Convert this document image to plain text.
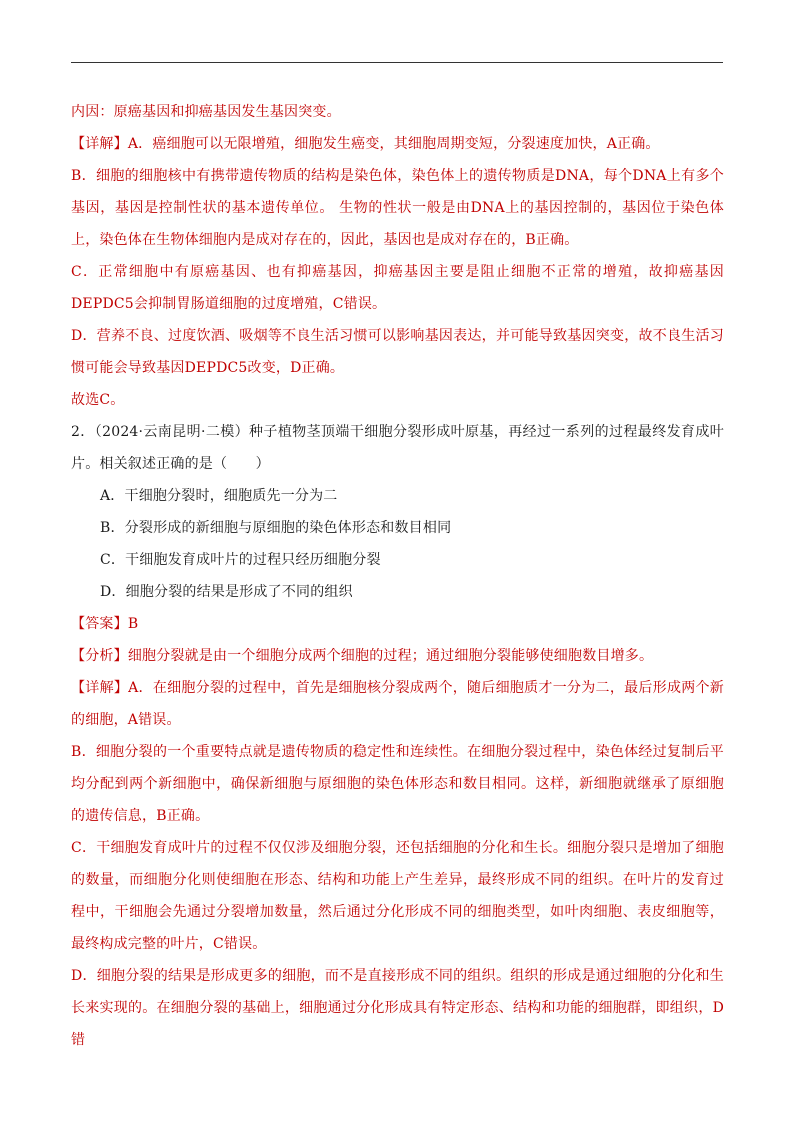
内因：原癌基因和抑癌基因发生基因突变。

【详解】A．癌细胞可以无限增殖，细胞发生癌变，其细胞周期变短，分裂速度加快，A正确。

B．细胞的细胞核中有携带遗传物质的结构是染色体，染色体上的遗传物质是DNA，每个DNA上有多个基因，基因是控制性状的基本遗传单位。 生物的性状一般是由DNA上的基因控制的，基因位于染色体上，染色体在生物体细胞内是成对存在的，因此，基因也是成对存在的，B正确。

C．正常细胞中有原癌基因、也有抑癌基因，抑癌基因主要是阻止细胞不正常的增殖，故抑癌基因DEPDC5会抑制胃肠道细胞的过度增殖，C错误。

D．营养不良、过度饮酒、吸烟等不良生活习惯可以影响基因表达，并可能导致基因突变，故不良生活习惯可能会导致基因DEPDC5改变，D正确。

故选C。

2．（2024·云南昆明·二模）种子植物茎顶端干细胞分裂形成叶原基，再经过一系列的过程最终发育成叶片。相关叙述正确的是（　　）

A．干细胞分裂时，细胞质先一分为二

B．分裂形成的新细胞与原细胞的染色体形态和数目相同

C．干细胞发育成叶片的过程只经历细胞分裂

D．细胞分裂的结果是形成了不同的组织

【答案】B

【分析】细胞分裂就是由一个细胞分成两个细胞的过程；通过细胞分裂能够使细胞数目增多。

【详解】A．在细胞分裂的过程中，首先是细胞核分裂成两个，随后细胞质才一分为二，最后形成两个新的细胞，A错误。

B．细胞分裂的一个重要特点就是遗传物质的稳定性和连续性。在细胞分裂过程中，染色体经过复制后平均分配到两个新细胞中，确保新细胞与原细胞的染色体形态和数目相同。这样，新细胞就继承了原细胞的遗传信息，B正确。

C．干细胞发育成叶片的过程不仅仅涉及细胞分裂，还包括细胞的分化和生长。细胞分裂只是增加了细胞的数量，而细胞分化则使细胞在形态、结构和功能上产生差异，最终形成不同的组织。在叶片的发育过程中，干细胞会先通过分裂增加数量，然后通过分化形成不同的细胞类型，如叶肉细胞、表皮细胞等，最终构成完整的叶片，C错误。

D．细胞分裂的结果是形成更多的细胞，而不是直接形成不同的组织。组织的形成是通过细胞的分化和生长来实现的。在细胞分裂的基础上，细胞通过分化形成具有特定形态、结构和功能的细胞群，即组织，D错
